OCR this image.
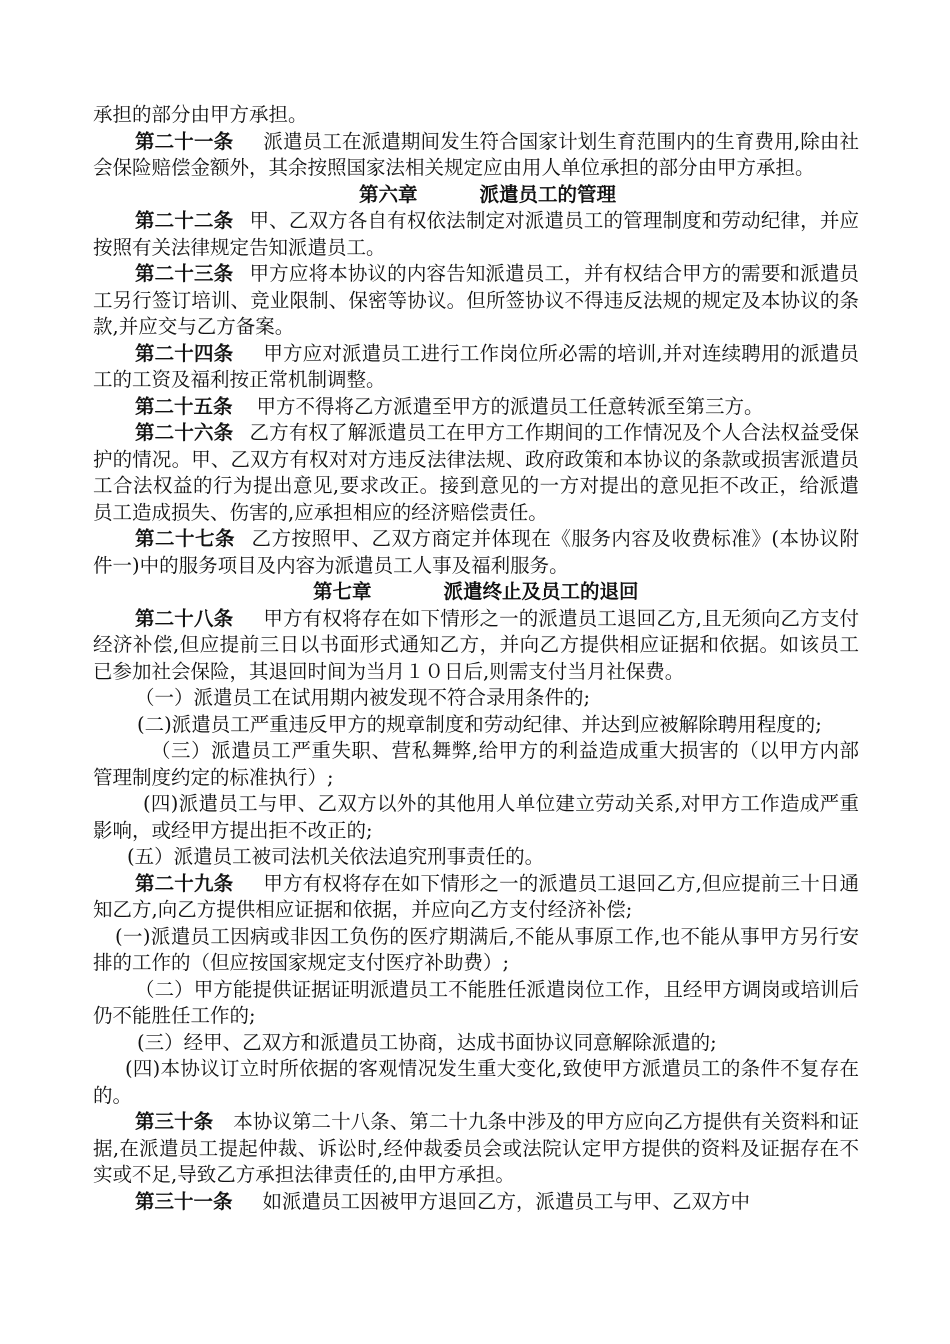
承担的部分由甲方承担。

第二十一条 派遣员工在派遣期间发生符合国家计划生育范围内的生育费用,除由社会保险赔偿金额外，其余按照国家法相关规定应由用人单位承担的部分由甲方承担。

第六章	派遣员工的管理

第二十二条 甲、乙双方各自有权依法制定对派遣员工的管理制度和劳动纪律，并应按照有关法律规定告知派遣员工。

第二十三条 甲方应将本协议的内容告知派遣员工，并有权结合甲方的需要和派遣员工另行签订培训、竞业限制、保密等协议。但所签协议不得违反法规的规定及本协议的条款,并应交与乙方备案。

第二十四条 甲方应对派遣员工进行工作岗位所必需的培训,并对连续聘用的派遣员工的工资及福利按正常机制调整。

第二十五条 甲方不得将乙方派遣至甲方的派遣员工任意转派至第三方。

第二十六条 乙方有权了解派遣员工在甲方工作期间的工作情况及个人合法权益受保护的情况。甲、乙双方有权对对方违反法律法规、政府政策和本协议的条款或损害派遣员工合法权益的行为提出意见,要求改正。接到意见的一方对提出的意见拒不改正，给派遣员工造成损失、伤害的,应承担相应的经济赔偿责任。

第二十七条 乙方按照甲、乙双方商定并体现在《服务内容及收费标准》(本协议附件一)中的服务项目及内容为派遣员工人事及福利服务。

第七章	派遣终止及员工的退回

第二十八条 甲方有权将存在如下情形之一的派遣员工退回乙方,且无须向乙方支付经济补偿,但应提前三日以书面形式通知乙方，并向乙方提供相应证据和依据。如该员工已参加社会保险，其退回时间为当月１０日后,则需支付当月社保费。

（一）派遣员工在试用期内被发现不符合录用条件的;

(二)派遣员工严重违反甲方的规章制度和劳动纪律、并达到应被解除聘用程度的;

（三）派遣员工严重失职、营私舞弊,给甲方的利益造成重大损害的（以甲方内部管理制度约定的标准执行）;

(四)派遣员工与甲、乙双方以外的其他用人单位建立劳动关系,对甲方工作造成严重影响，或经甲方提出拒不改正的;

(五）派遣员工被司法机关依法追究刑事责任的。

第二十九条 甲方有权将存在如下情形之一的派遣员工退回乙方,但应提前三十日通知乙方,向乙方提供相应证据和依据，并应向乙方支付经济补偿;

(一)派遣员工因病或非因工负伤的医疗期满后,不能从事原工作,也不能从事甲方另行安排的工作的（但应按国家规定支付医疗补助费）;

（二）甲方能提供证据证明派遣员工不能胜任派遣岗位工作，且经甲方调岗或培训后仍不能胜任工作的;

(三）经甲、乙双方和派遣员工协商，达成书面协议同意解除派遣的;

(四)本协议订立时所依据的客观情况发生重大变化,致使甲方派遣员工的条件不复存在的。

第三十条 本协议第二十八条、第二十九条中涉及的甲方应向乙方提供有关资料和证据,在派遣员工提起仲裁、诉讼时,经仲裁委员会或法院认定甲方提供的资料及证据存在不实或不足,导致乙方承担法律责任的,由甲方承担。

第三十一条 如派遣员工因被甲方退回乙方，派遣员工与甲、乙双方中
